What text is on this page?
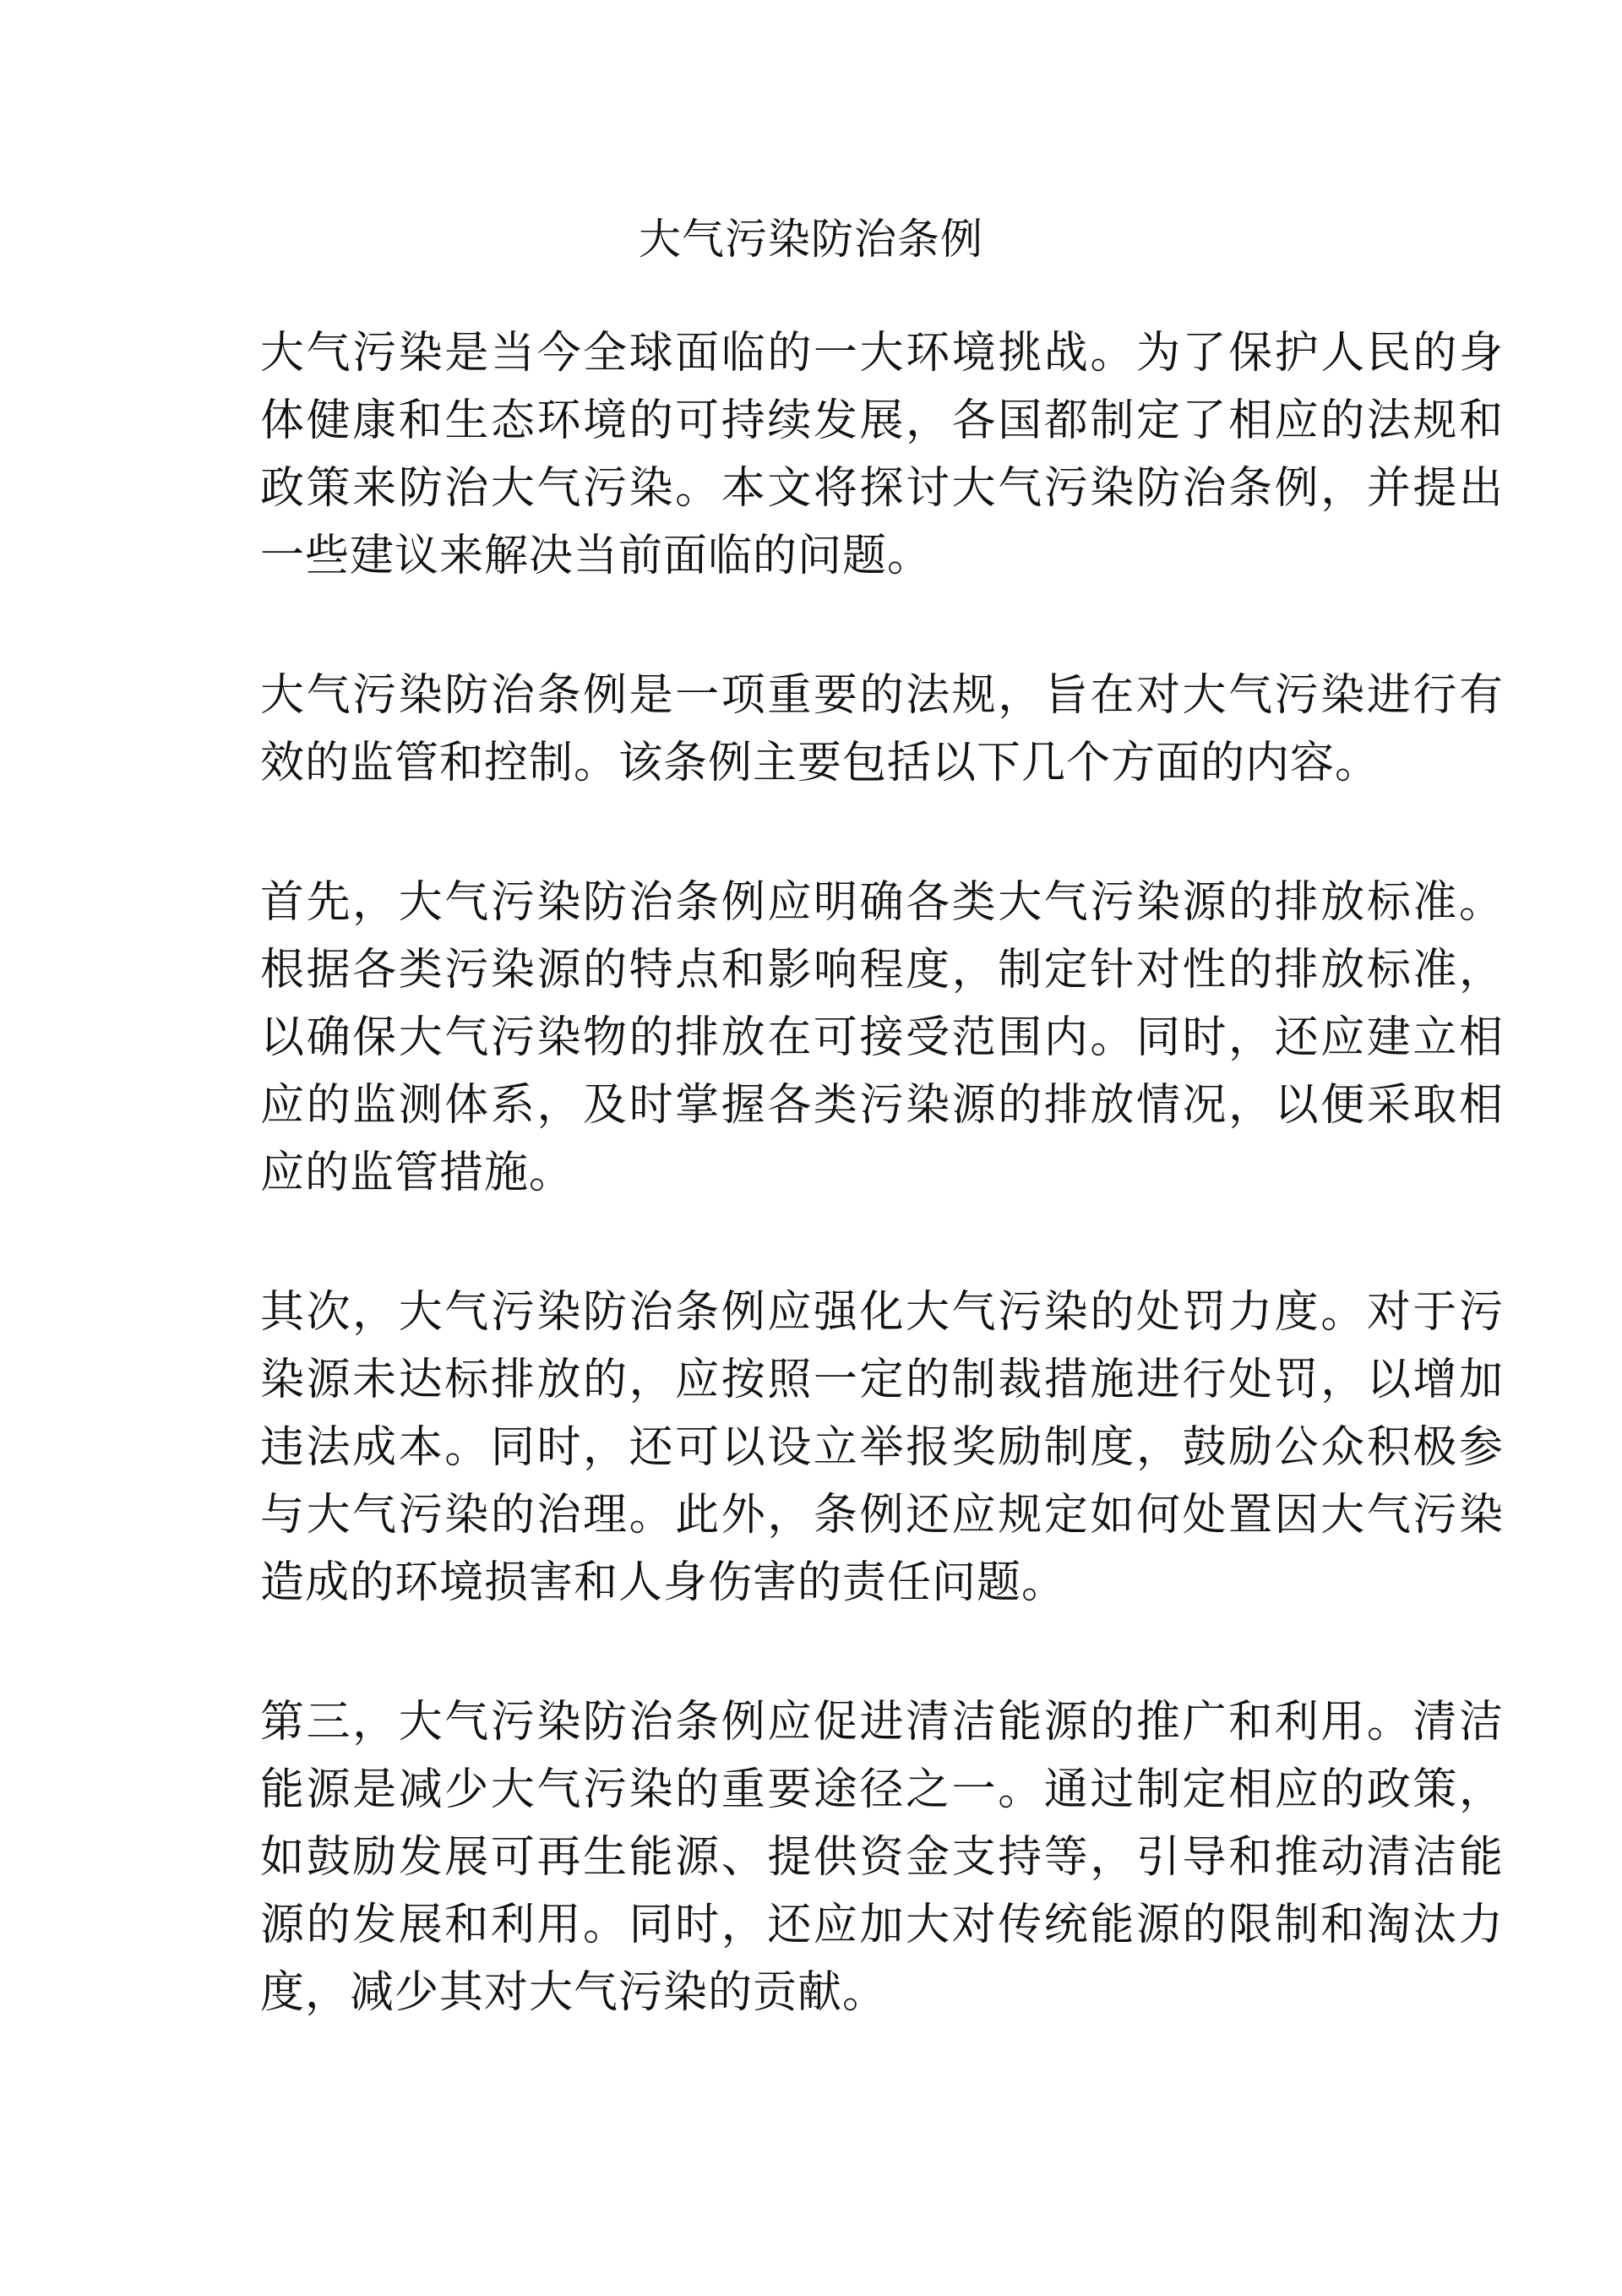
大气污染防治条例

大气污染是当今全球面临的一大环境挑战。为了保护人民的身体健康和生态环境的可持续发展，各国都制定了相应的法规和政策来防治大气污染。本文将探讨大气污染防治条例，并提出一些建议来解决当前面临的问题。

大气污染防治条例是一项重要的法规，旨在对大气污染进行有效的监管和控制。该条例主要包括以下几个方面的内容。

首先，大气污染防治条例应明确各类大气污染源的排放标准。根据各类污染源的特点和影响程度，制定针对性的排放标准，以确保大气污染物的排放在可接受范围内。同时，还应建立相应的监测体系，及时掌握各类污染源的排放情况，以便采取相应的监管措施。

其次，大气污染防治条例应强化大气污染的处罚力度。对于污染源未达标排放的，应按照一定的制裁措施进行处罚，以增加违法成本。同时，还可以设立举报奖励制度，鼓励公众积极参与大气污染的治理。此外，条例还应规定如何处置因大气污染造成的环境损害和人身伤害的责任问题。

第三，大气污染防治条例应促进清洁能源的推广和利用。清洁能源是减少大气污染的重要途径之一。通过制定相应的政策，如鼓励发展可再生能源、提供资金支持等，引导和推动清洁能源的发展和利用。同时，还应加大对传统能源的限制和淘汰力度，减少其对大气污染的贡献。
